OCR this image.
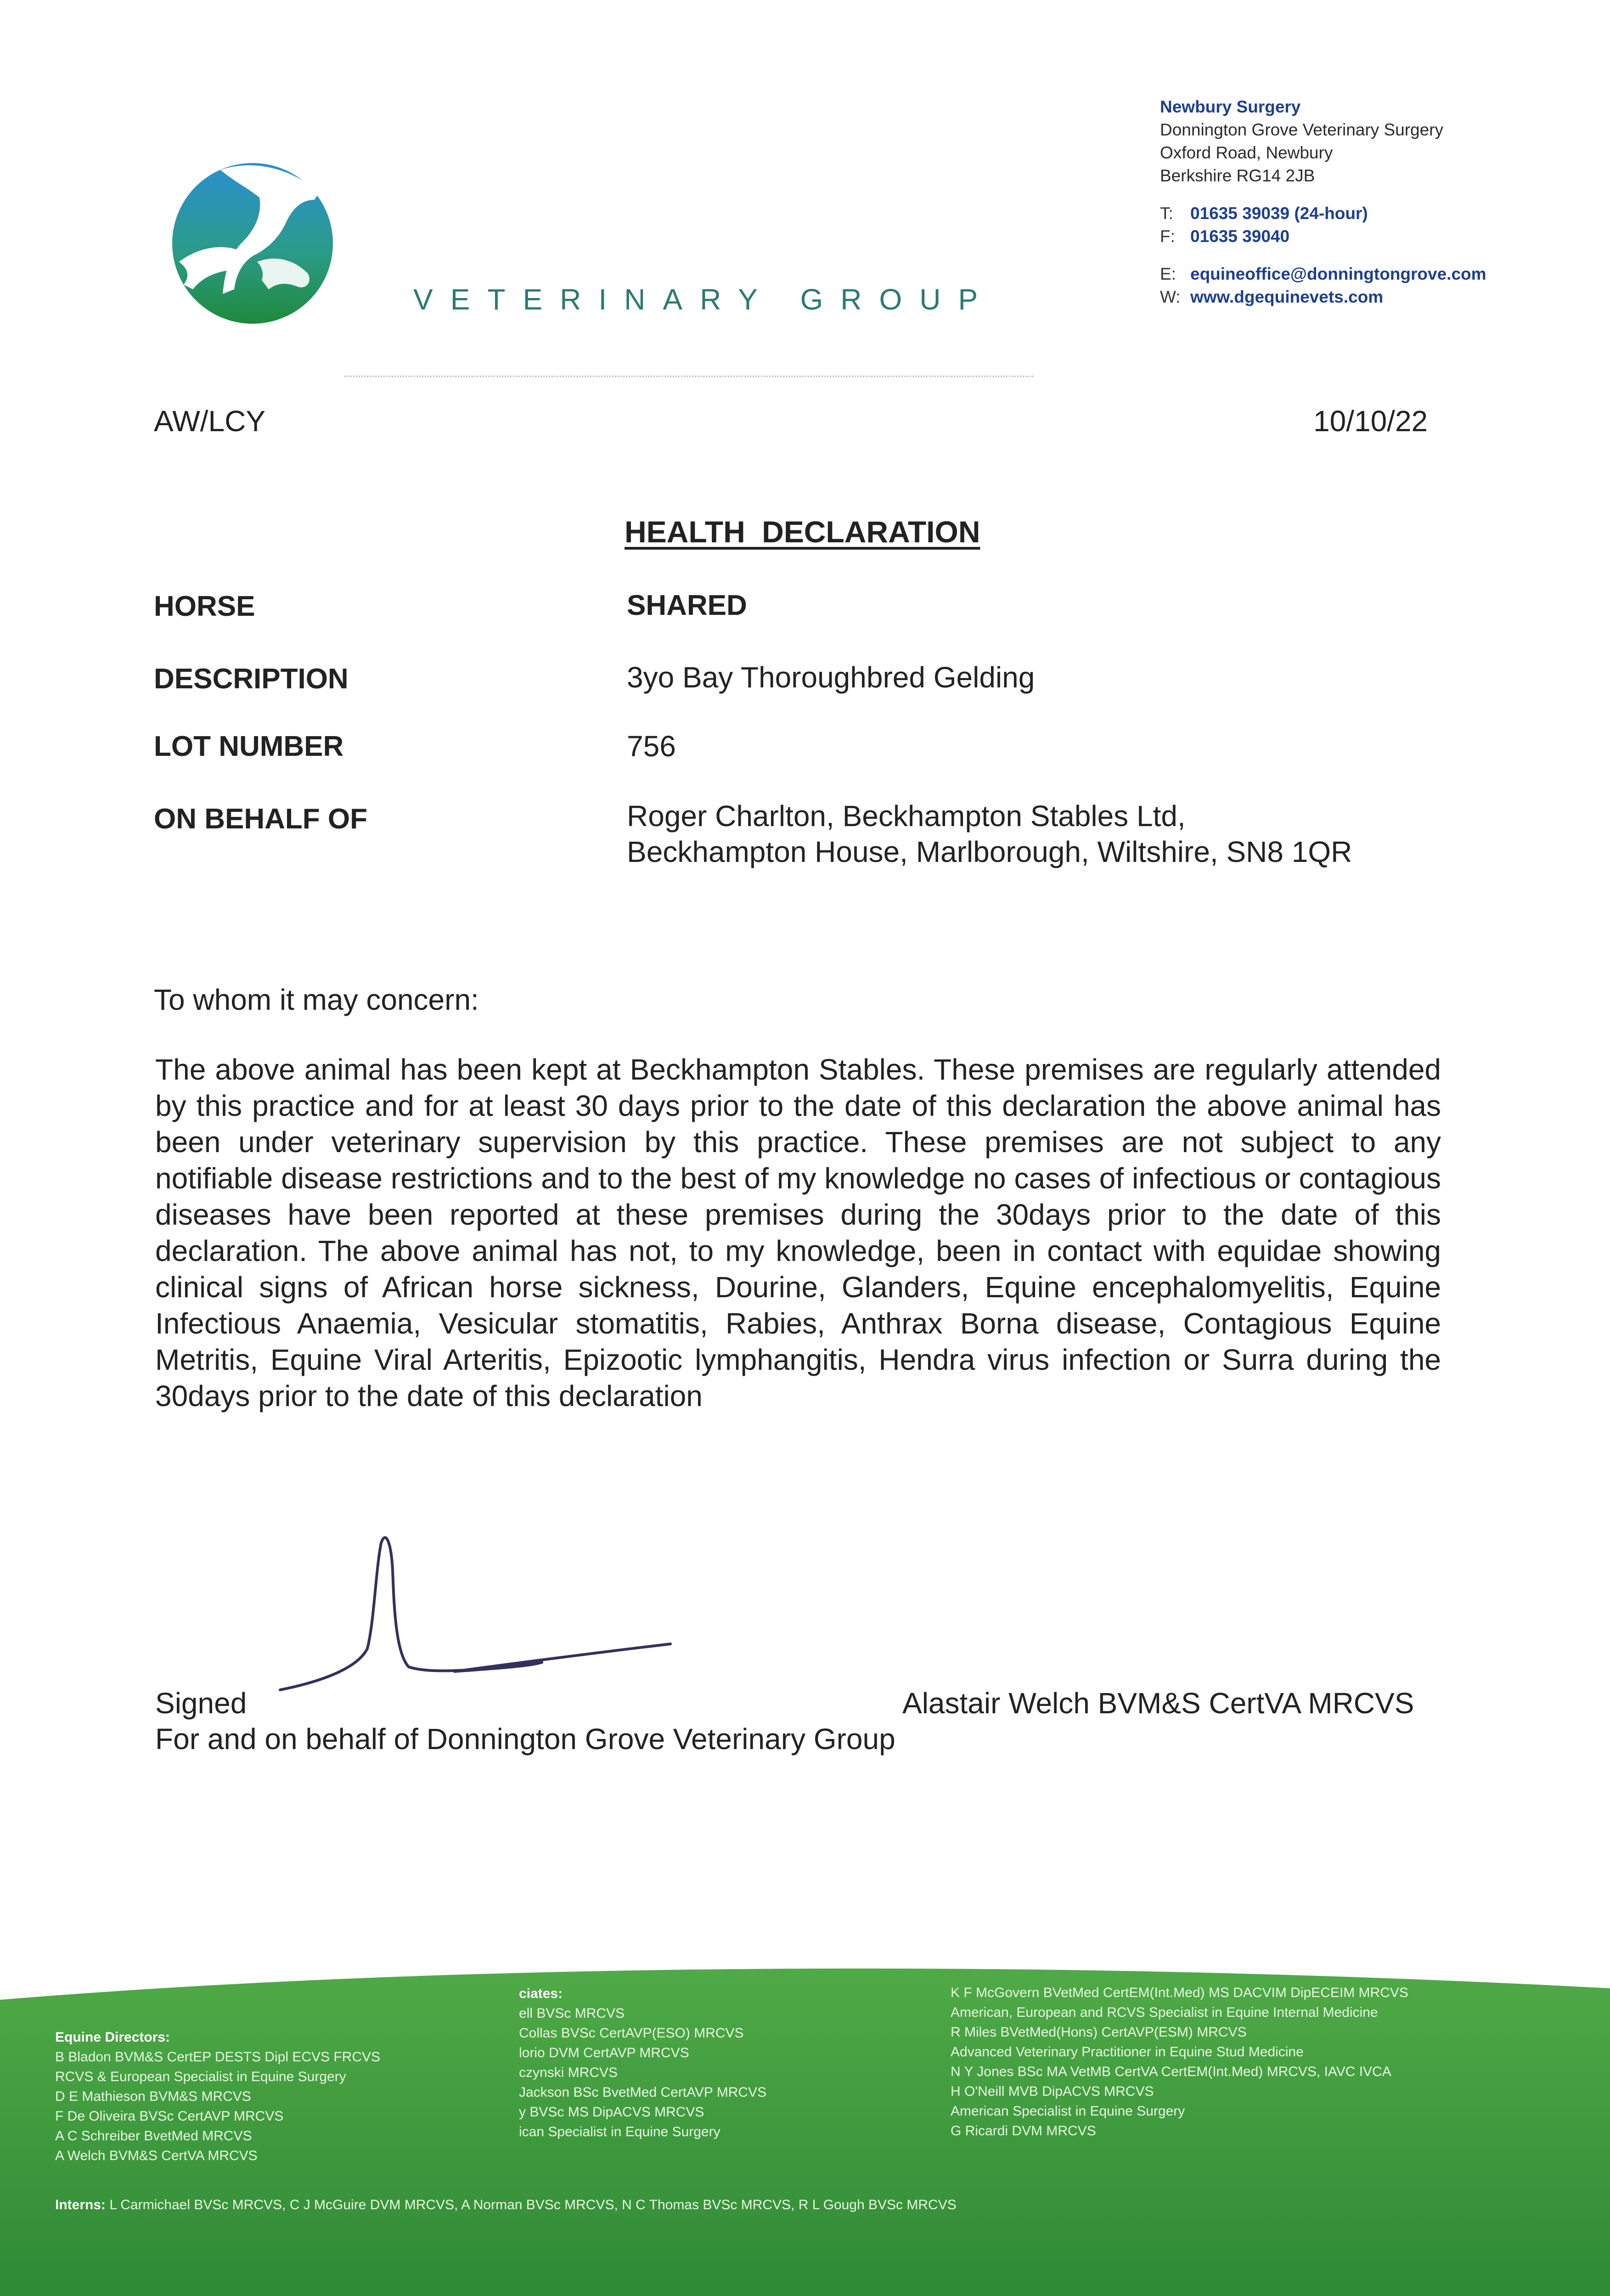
VETERINARY GROUP
Newbury Surgery
Donnington Grove Veterinary Surgery
Oxford Road, Newbury
Berkshire RG14 2JB
T: 01635 39039 (24-hour)
F: 01635 39040
E: equineoffice@donningtongrove.com
W: www.dgequinevets.com
AW/LCY	10/10/22
HEALTH DECLARATION
HORSE	SHARED
DESCRIPTION	3yo Bay Thoroughbred Gelding
LOT NUMBER	756
ON BEHALF OF	Roger Charlton, Beckhampton Stables Ltd,
Beckhampton House, Marlborough, Wiltshire, SN8 1QR
To whom it may concern:
The above animal has been kept at Beckhampton Stables. These premises are regularly attended by this practice and for at least 30 days prior to the date of this declaration the above animal has been under veterinary supervision by this practice. These premises are not subject to any notifiable disease restrictions and to the best of my knowledge no cases of infectious or contagious diseases have been reported at these premises during the 30days prior to the date of this declaration. The above animal has not, to my knowledge, been in contact with equidae showing clinical signs of African horse sickness, Dourine, Glanders, Equine encephalomyelitis, Equine Infectious Anaemia, Vesicular stomatitis, Rabies, Anthrax Borna disease, Contagious Equine Metritis, Equine Viral Arteritis, Epizootic lymphangitis, Hendra virus infection or Surra during the 30days prior to the date of this declaration
Signed	Alastair Welch BVM&S CertVA MRCVS
For and on behalf of Donnington Grove Veterinary Group
Equine Directors:
B Bladon BVM&S CertEP DESTS Dipl ECVS FRCVS
RCVS & European Specialist in Equine Surgery
D E Mathieson BVM&S MRCVS
F De Oliveira BVSc CertAVP MRCVS
A C Schreiber BvetMed MRCVS
A Welch BVM&S CertVA MRCVS
ciates:
ell BVSc MRCVS
Collas BVSc CertAVP(ESO) MRCVS
lorio DVM CertAVP MRCVS
czynski MRCVS
Jackson BSc BvetMed CertAVP MRCVS
y BVSc MS DipACVS MRCVS
ican Specialist in Equine Surgery
K F McGovern BVetMed CertEM(Int.Med) MS DACVIM DipECEIM MRCVS
American, European and RCVS Specialist in Equine Internal Medicine
R Miles BVetMed(Hons) CertAVP(ESM) MRCVS
Advanced Veterinary Practitioner in Equine Stud Medicine
N Y Jones BSc MA VetMB CertVA CertEM(Int.Med) MRCVS, IAVC IVCA
H O'Neill MVB DipACVS MRCVS
American Specialist in Equine Surgery
G Ricardi DVM MRCVS
Interns: L Carmichael BVSc MRCVS, C J McGuire DVM MRCVS, A Norman BVSc MRCVS, N C Thomas BVSc MRCVS, R L Gough BVSc MRCVS
